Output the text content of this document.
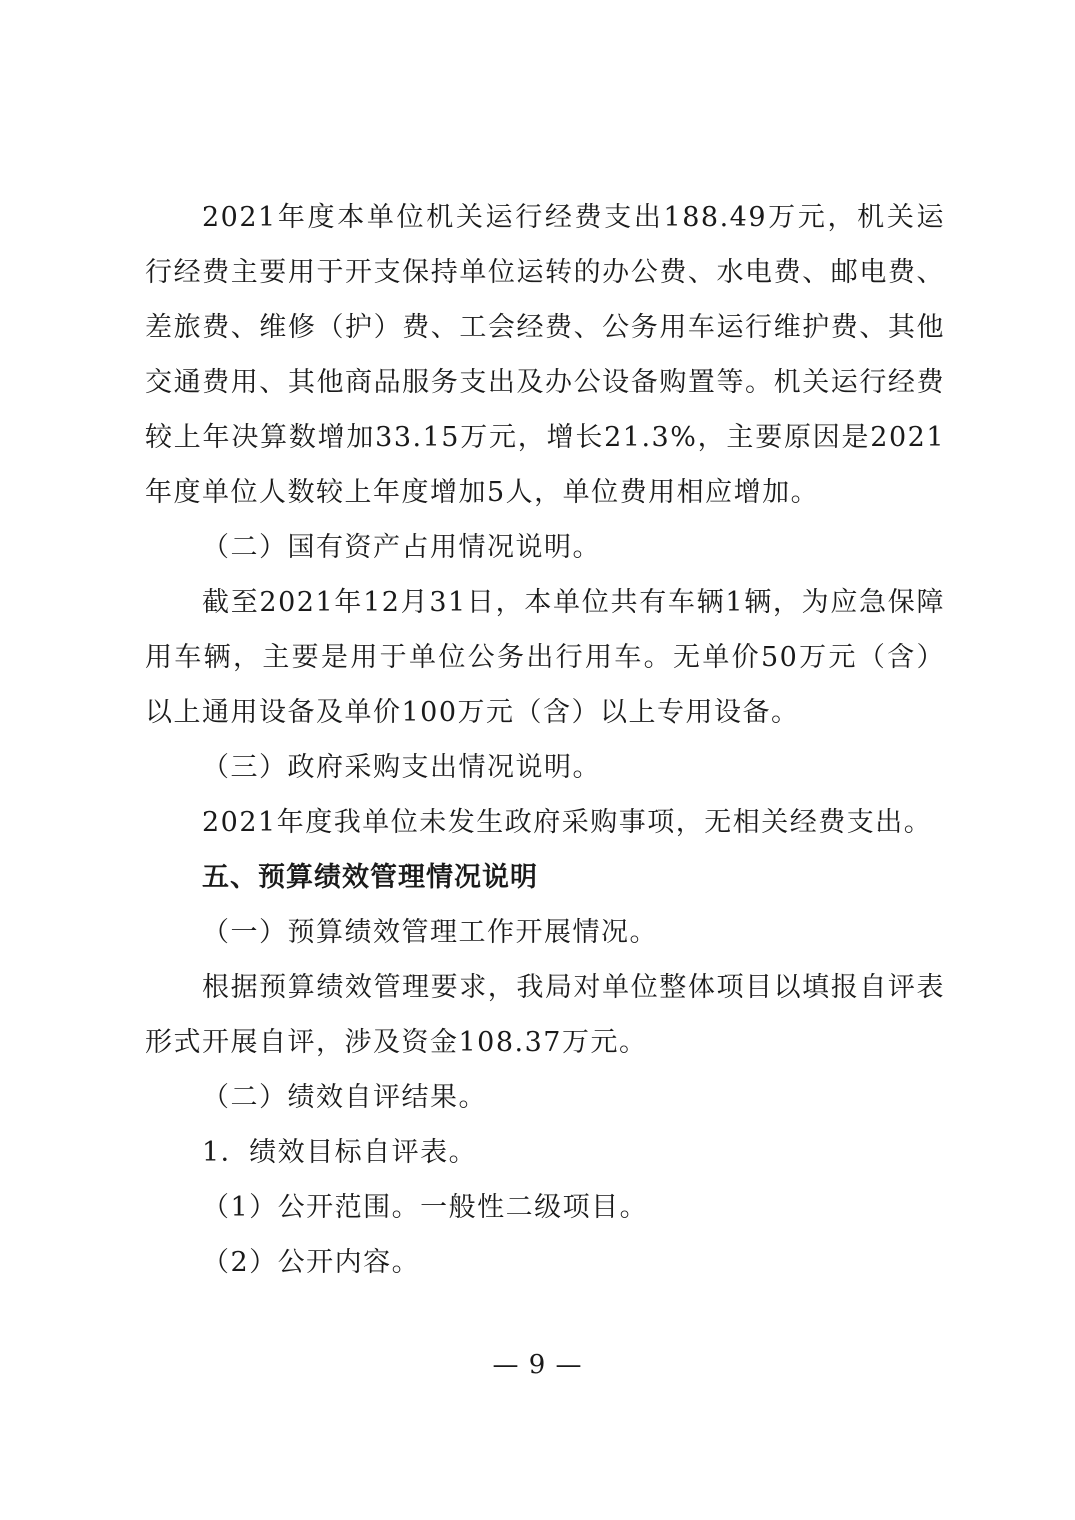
2021年度本单位机关运行经费支出188.49万元，机关运行经费主要用于开支保持单位运转的办公费、水电费、邮电费、差旅费、维修（护）费、工会经费、公务用车运行维护费、其他交通费用、其他商品服务支出及办公设备购置等。机关运行经费较上年决算数增加33.15万元，增长21.3%，主要原因是2021年度单位人数较上年度增加5人，单位费用相应增加。

（二）国有资产占用情况说明。

截至2021年12月31日，本单位共有车辆1辆，为应急保障用车辆，主要是用于单位公务出行用车。无单价50万元（含）以上通用设备及单价100万元（含）以上专用设备。

（三）政府采购支出情况说明。

2021年度我单位未发生政府采购事项，无相关经费支出。

五、预算绩效管理情况说明

（一）预算绩效管理工作开展情况。

根据预算绩效管理要求，我局对单位整体项目以填报自评表形式开展自评，涉及资金108.37万元。

（二）绩效自评结果。

1．绩效目标自评表。

（1）公开范围。一般性二级项目。

（2）公开内容。

— 9 —
